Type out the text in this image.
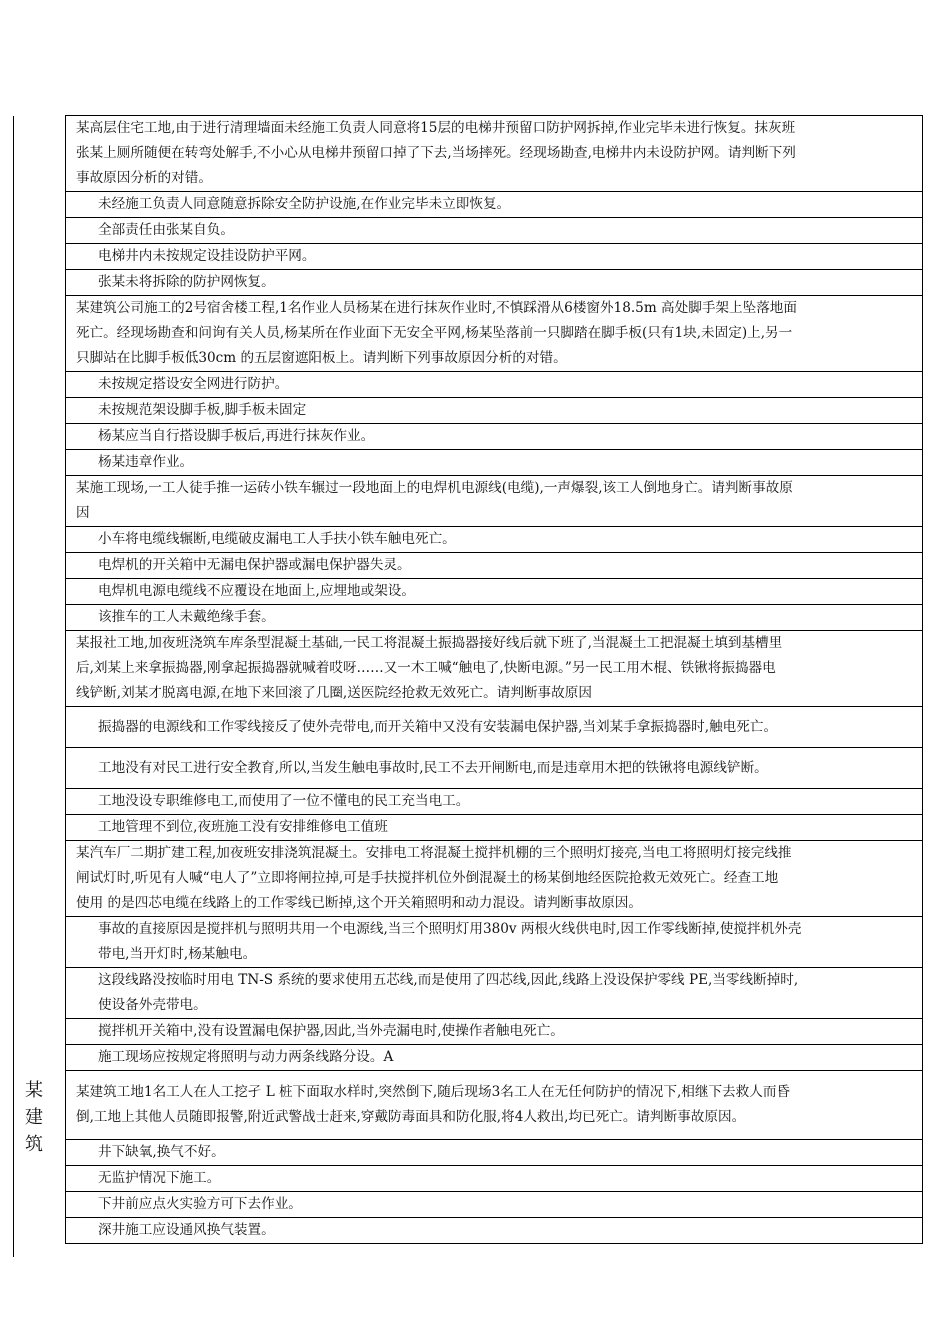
某
建
筑
某高层住宅工地,由于进行清理墙面未经施工负责人同意将15层的电梯井预留口防护网拆掉,作业完毕未进行恢复。抹灰班
张某上厕所随便在转弯处解手,不小心从电梯井预留口掉了下去,当场摔死。经现场勘查,电梯井内未设防护网。请判断下列
事故原因分析的对错。
未经施工负责人同意随意拆除安全防护设施,在作业完毕未立即恢复。
全部责任由张某自负。
电梯井内未按规定设挂设防护平网。
张某未将拆除的防护网恢复。
某建筑公司施工的2号宿舍楼工程,1名作业人员杨某在进行抹灰作业时,不慎踩滑从6楼窗外18.5m 高处脚手架上坠落地面
死亡。经现场勘查和问询有关人员,杨某所在作业面下无安全平网,杨某坠落前一只脚踏在脚手板(只有1块,未固定)上,另一
只脚站在比脚手板低30cm 的五层窗遮阳板上。请判断下列事故原因分析的对错。
未按规定搭设安全网进行防护。
未按规范架设脚手板,脚手板未固定
杨某应当自行搭设脚手板后,再进行抹灰作业。
杨某违章作业。
某施工现场,一工人徒手推一运砖小铁车辗过一段地面上的电焊机电源线(电缆),一声爆裂,该工人倒地身亡。请判断事故原
因
小车将电缆线辗断,电缆破皮漏电工人手扶小铁车触电死亡。
电焊机的开关箱中无漏电保护器或漏电保护器失灵。
电焊机电源电缆线不应覆设在地面上,应埋地或架设。
该推车的工人未戴绝缘手套。
某报社工地,加夜班浇筑车库条型混凝土基础,一民工将混凝土振捣器接好线后就下班了,当混凝土工把混凝土填到基槽里
后,刘某上来拿振捣器,刚拿起振捣器就喊着哎呀……又一木工喊“触电了,快断电源。”另一民工用木棍、铁锹将振捣器电
线铲断,刘某才脱离电源,在地下来回滚了几圈,送医院经抢救无效死亡。请判断事故原因
振捣器的电源线和工作零线接反了使外壳带电,而开关箱中又没有安装漏电保护器,当刘某手拿振捣器时,触电死亡。
工地没有对民工进行安全教育,所以,当发生触电事故时,民工不去开闸断电,而是违章用木把的铁锹将电源线铲断。
工地没设专职维修电工,而使用了一位不懂电的民工充当电工。
工地管理不到位,夜班施工没有安排维修电工值班
某汽车厂二期扩建工程,加夜班安排浇筑混凝土。安排电工将混凝土搅拌机棚的三个照明灯接亮,当电工将照明灯接完线推
闸试灯时,听见有人喊“电人了”立即将闸拉掉,可是手扶搅拌机位外倒混凝土的杨某倒地经医院抢救无效死亡。经查工地
使用 的是四芯电缆在线路上的工作零线已断掉,这个开关箱照明和动力混设。请判断事故原因。
事故的直接原因是搅拌机与照明共用一个电源线,当三个照明灯用380v 两根火线供电时,因工作零线断掉,使搅拌机外壳
带电,当开灯时,杨某触电。
这段线路没按临时用电 TN-S 系统的要求使用五芯线,而是使用了四芯线,因此,线路上没设保护零线 PE,当零线断掉时,
使设备外壳带电。
搅拌机开关箱中,没有设置漏电保护器,因此,当外壳漏电时,使操作者触电死亡。
施工现场应按规定将照明与动力两条线路分设。A
某建筑工地1名工人在人工挖孑 L 桩下面取水样时,突然倒下,随后现场3名工人在无任何防护的情况下,相继下去救人而昏
倒,工地上其他人员随即报警,附近武警战士赶来,穿戴防毒面具和防化服,将4人救出,均已死亡。请判断事故原因。
井下缺氧,换气不好。
无监护情况下施工。
下井前应点火实验方可下去作业。
深井施工应设通风换气装置。
